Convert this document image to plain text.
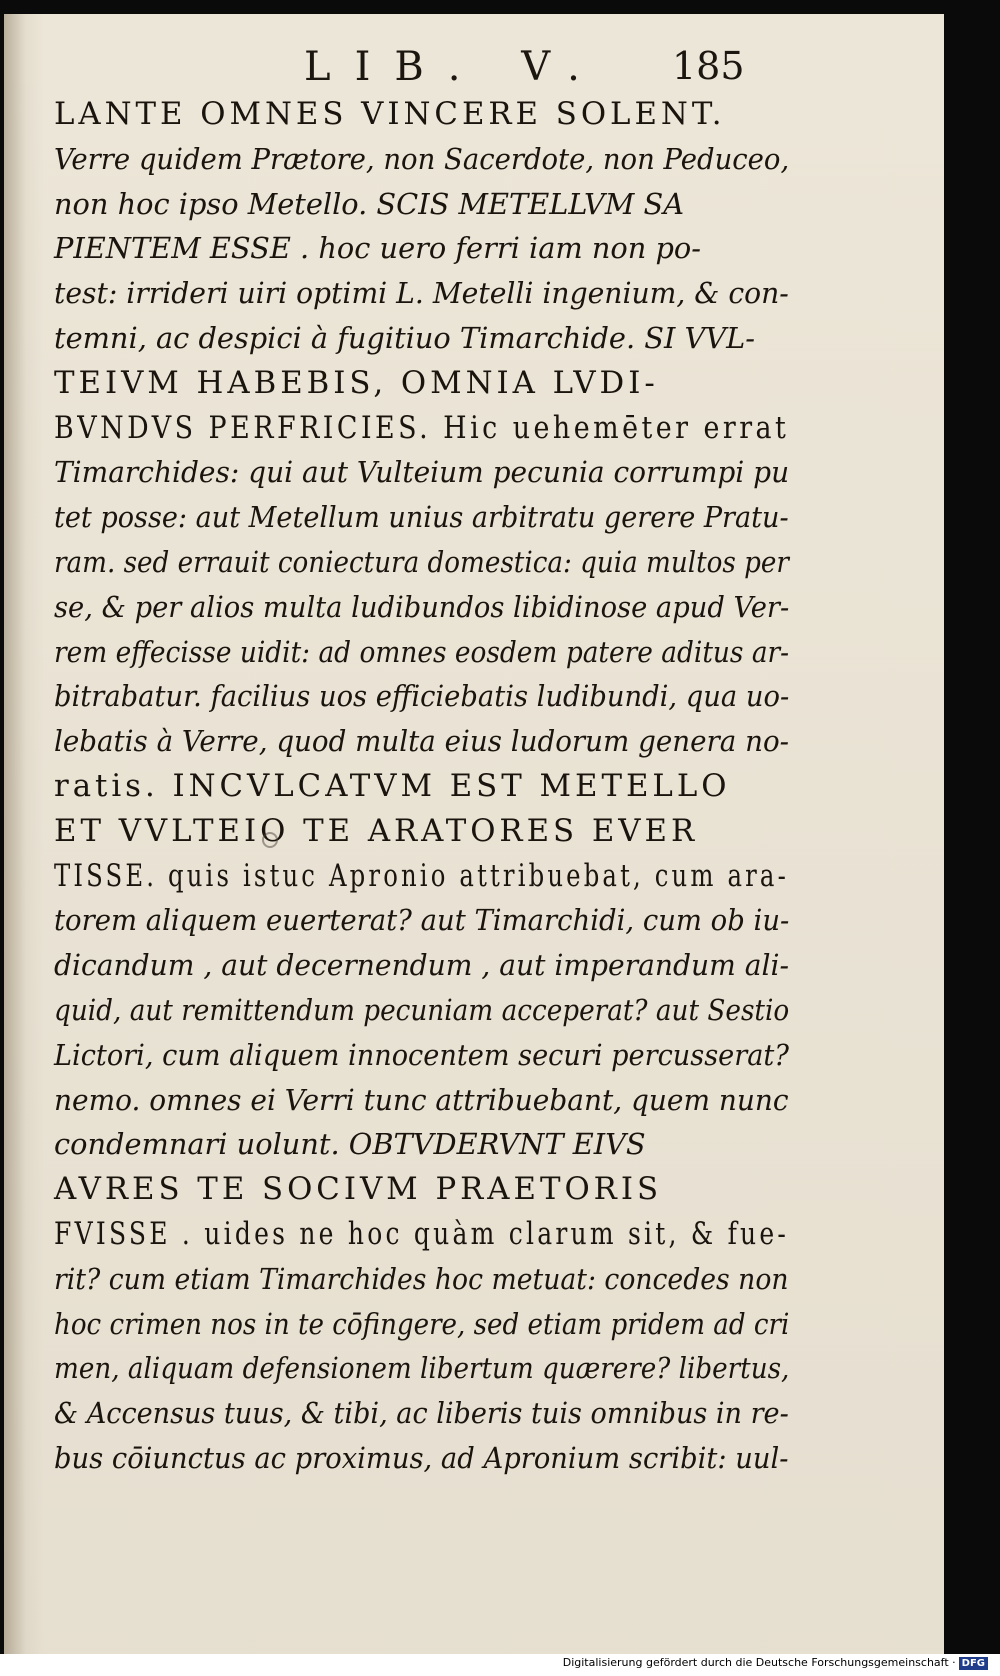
LIB. V. 185
LANTE OMNES VINCERE SOLENT.
Verre quidem Prætore, non Sacerdote, non Peduceo,
non hoc ipso Metello. SCIS METELLVM SA
PIENTEM ESSE . hoc uero ferri iam non po-
test: irrideri uiri optimi L. Metelli ingenium, & con-
temni, ac despici à fugitiuo Timarchide. SI VVL-
TEIVM HABEBIS, OMNIA LVDI-
BVNDVS PERFRICIES. Hic uehemēter errat
Timarchides: qui aut Vulteium pecunia corrumpi pu
tet posse: aut Metellum unius arbitratu gerere Pratu-
ram. sed errauit coniectura domestica: quia multos per
se, & per alios multa ludibundos libidinose apud Ver-
rem effecisse uidit: ad omnes eosdem patere aditus ar-
bitrabatur. facilius uos efficiebatis ludibundi, qua uo-
lebatis à Verre, quod multa eius ludorum genera no-
ratis. INCVLCATVM EST METELLO
ET VVLTEIO TE ARATORES EVER
TISSE. quis istuc Apronio attribuebat, cum ara-
torem aliquem euerterat? aut Timarchidi, cum ob iu-
dicandum , aut decernendum , aut imperandum ali-
quid, aut remittendum pecuniam acceperat? aut Sestio
Lictori, cum aliquem innocentem securi percusserat?
nemo. omnes ei Verri tunc attribuebant, quem nunc
condemnari uolunt. OBTVDERVNT EIVS
AVRES TE SOCIVM PRAETORIS
FVISSE . uides ne hoc quàm clarum sit, & fue-
rit? cum etiam Timarchides hoc metuat: concedes non
hoc crimen nos in te cōfingere, sed etiam pridem ad cri
men, aliquam defensionem libertum quærere? libertus,
& Accensus tuus, & tibi, ac liberis tuis omnibus in re-
bus cōiunctus ac proximus, ad Apronium scribit: uul-
Digitalisierung gefördert durch die Deutsche Forschungsgemeinschaft · DFG
